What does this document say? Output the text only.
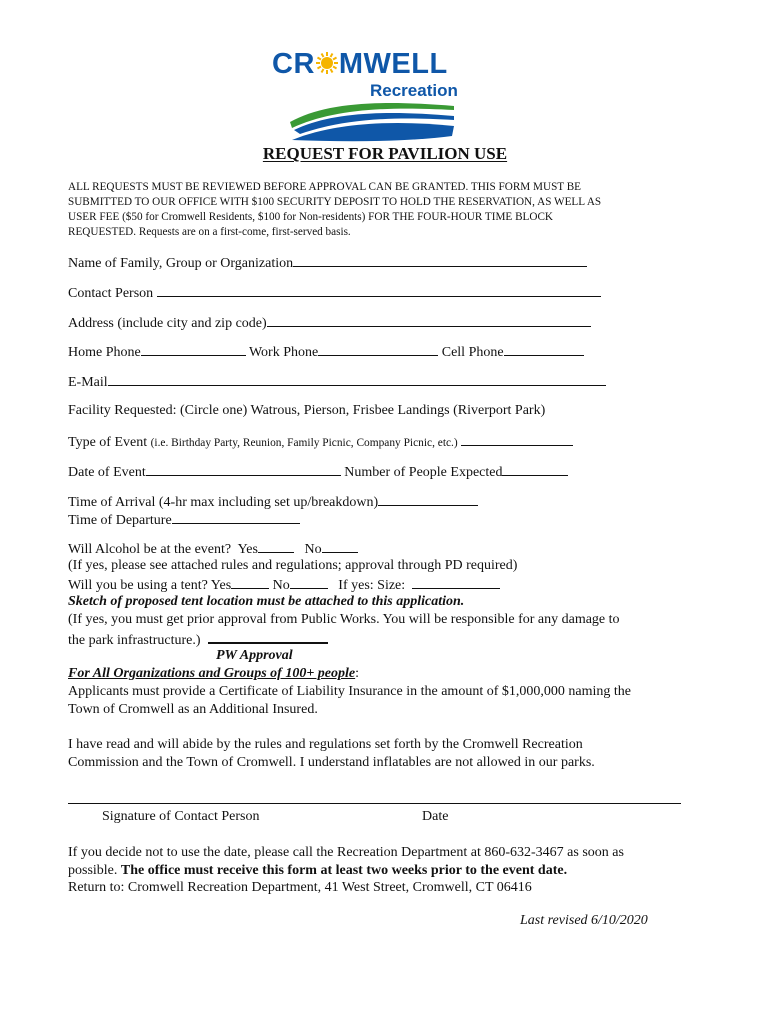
CR MWELL
Recreation
REQUEST FOR PAVILION USE
ALL REQUESTS MUST BE REVIEWED BEFORE APPROVAL CAN BE GRANTED. THIS FORM MUST BE
SUBMITTED TO OUR OFFICE WITH $100 SECURITY DEPOSIT TO HOLD THE RESERVATION, AS WELL AS
USER FEE ($50 for Cromwell Residents, $100 for Non-residents) FOR THE FOUR-HOUR TIME BLOCK
REQUESTED. Requests are on a first-come, first-served basis.
Name of Family, Group or Organization
Contact Person
Address (include city and zip code)
Home Phone	Work Phone	Cell Phone
E-Mail
Facility Requested: (Circle one) Watrous, Pierson, Frisbee Landings (Riverport Park)
Type of Event (i.e. Birthday Party, Reunion, Family Picnic, Company Picnic, etc.)
Date of Event	Number of People Expected
Time of Arrival (4-hr max including set up/breakdown)
Time of Departure
Will Alcohol be at the event? Yes	No
(If yes, please see attached rules and regulations; approval through PD required)
Will you be using a tent? Yes	No	If yes: Size:
Sketch of proposed tent location must be attached to this application.
(If yes, you must get prior approval from Public Works. You will be responsible for any damage to
the park infrastructure.)
PW Approval
For All Organizations and Groups of 100+ people:
Applicants must provide a Certificate of Liability Insurance in the amount of $1,000,000 naming the
Town of Cromwell as an Additional Insured.
I have read and will abide by the rules and regulations set forth by the Cromwell Recreation
Commission and the Town of Cromwell. I understand inflatables are not allowed in our parks.
Signature of Contact Person	Date
If you decide not to use the date, please call the Recreation Department at 860-632-3467 as soon as
possible. The office must receive this form at least two weeks prior to the event date.
Return to: Cromwell Recreation Department, 41 West Street, Cromwell, CT 06416
Last revised 6/10/2020
